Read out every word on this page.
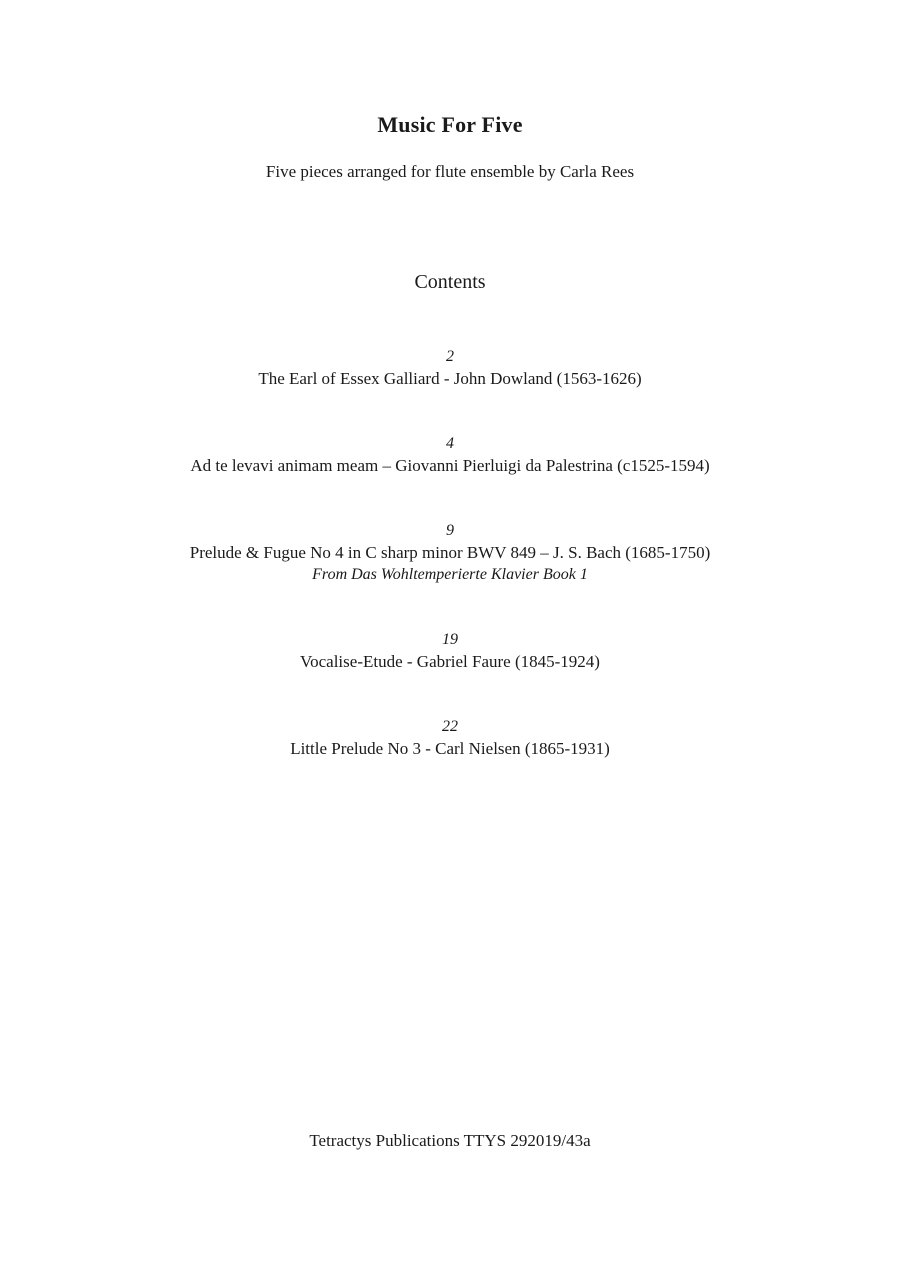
Music For Five
Five pieces arranged for flute ensemble by Carla Rees
Contents
2
The Earl of Essex Galliard - John Dowland (1563-1626)
4
Ad te levavi animam meam – Giovanni Pierluigi da Palestrina (c1525-1594)
9
Prelude & Fugue No 4 in C sharp minor BWV 849 – J. S. Bach (1685-1750)
From Das Wohltemperierte Klavier Book 1
19
Vocalise-Etude - Gabriel Faure (1845-1924)
22
Little Prelude No 3 - Carl Nielsen (1865-1931)
Tetractys Publications TTYS 292019/43a
